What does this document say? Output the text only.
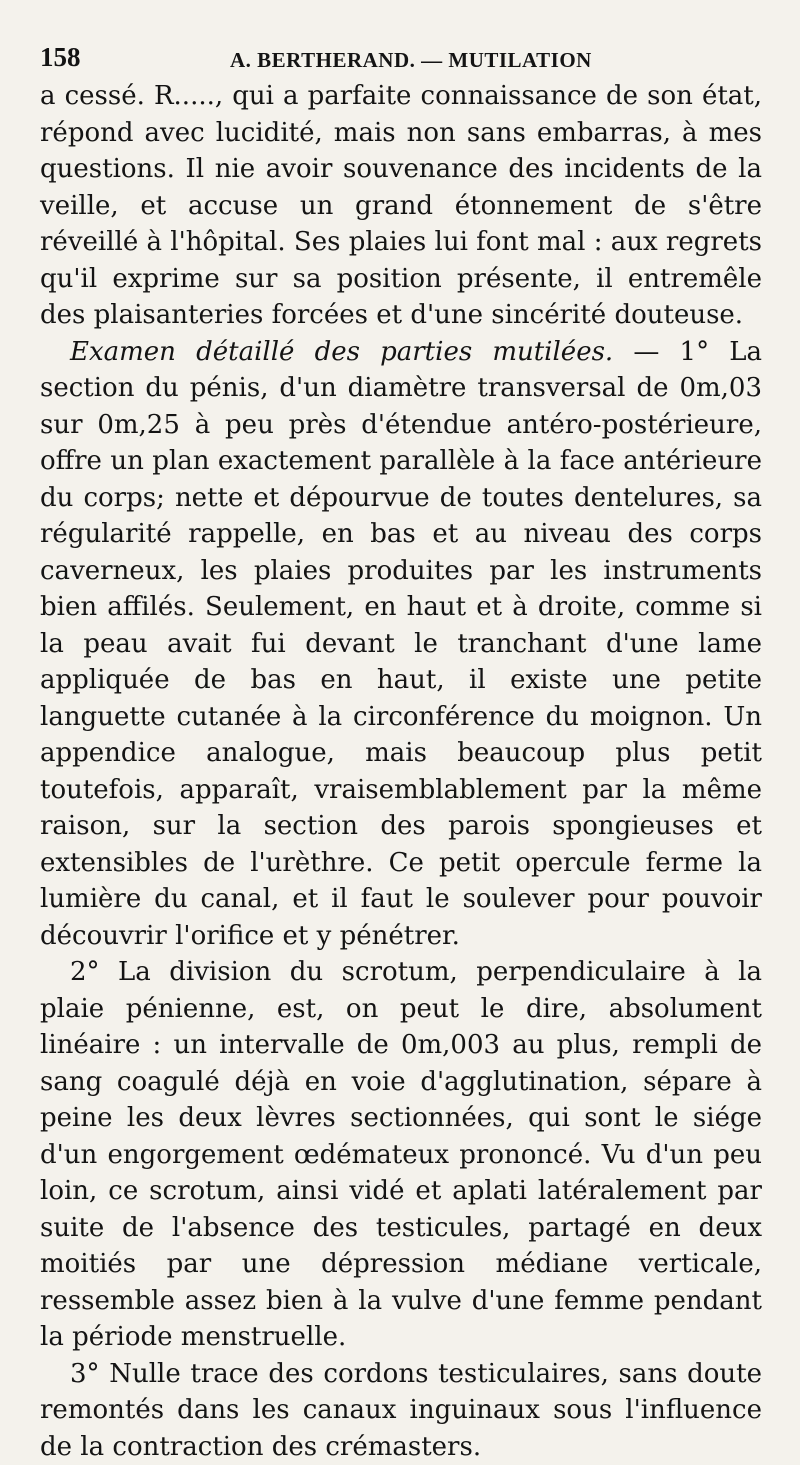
158	A. BERTHERAND. — MUTILATION

a cessé. R....., qui a parfaite connaissance de son état, répond avec lucidité, mais non sans embarras, à mes questions. Il nie avoir souvenance des incidents de la veille, et accuse un grand étonnement de s'être réveillé à l'hôpital. Ses plaies lui font mal : aux regrets qu'il exprime sur sa position présente, il entremêle des plaisanteries forcées et d'une sincérité douteuse.

Examen détaillé des parties mutilées. — 1° La section du pénis, d'un diamètre transversal de 0m,03 sur 0m,25 à peu près d'étendue antéro-postérieure, offre un plan exactement parallèle à la face antérieure du corps; nette et dépourvue de toutes dentelures, sa régularité rappelle, en bas et au niveau des corps caverneux, les plaies produites par les instruments bien affilés. Seulement, en haut et à droite, comme si la peau avait fui devant le tranchant d'une lame appliquée de bas en haut, il existe une petite languette cutanée à la circonférence du moignon. Un appendice analogue, mais beaucoup plus petit toutefois, apparaît, vraisemblablement par la même raison, sur la section des parois spongieuses et extensibles de l'urèthre. Ce petit opercule ferme la lumière du canal, et il faut le soulever pour pouvoir découvrir l'orifice et y pénétrer.

2° La division du scrotum, perpendiculaire à la plaie pénienne, est, on peut le dire, absolument linéaire : un intervalle de 0m,003 au plus, rempli de sang coagulé déjà en voie d'agglutination, sépare à peine les deux lèvres sectionnées, qui sont le siége d'un engorgement œdémateux prononcé. Vu d'un peu loin, ce scrotum, ainsi vidé et aplati latéralement par suite de l'absence des testicules, partagé en deux moitiés par une dépression médiane verticale, ressemble assez bien à la vulve d'une femme pendant la période menstruelle.

3° Nulle trace des cordons testiculaires, sans doute remontés dans les canaux inguinaux sous l'influence de la contraction des crémasters.
